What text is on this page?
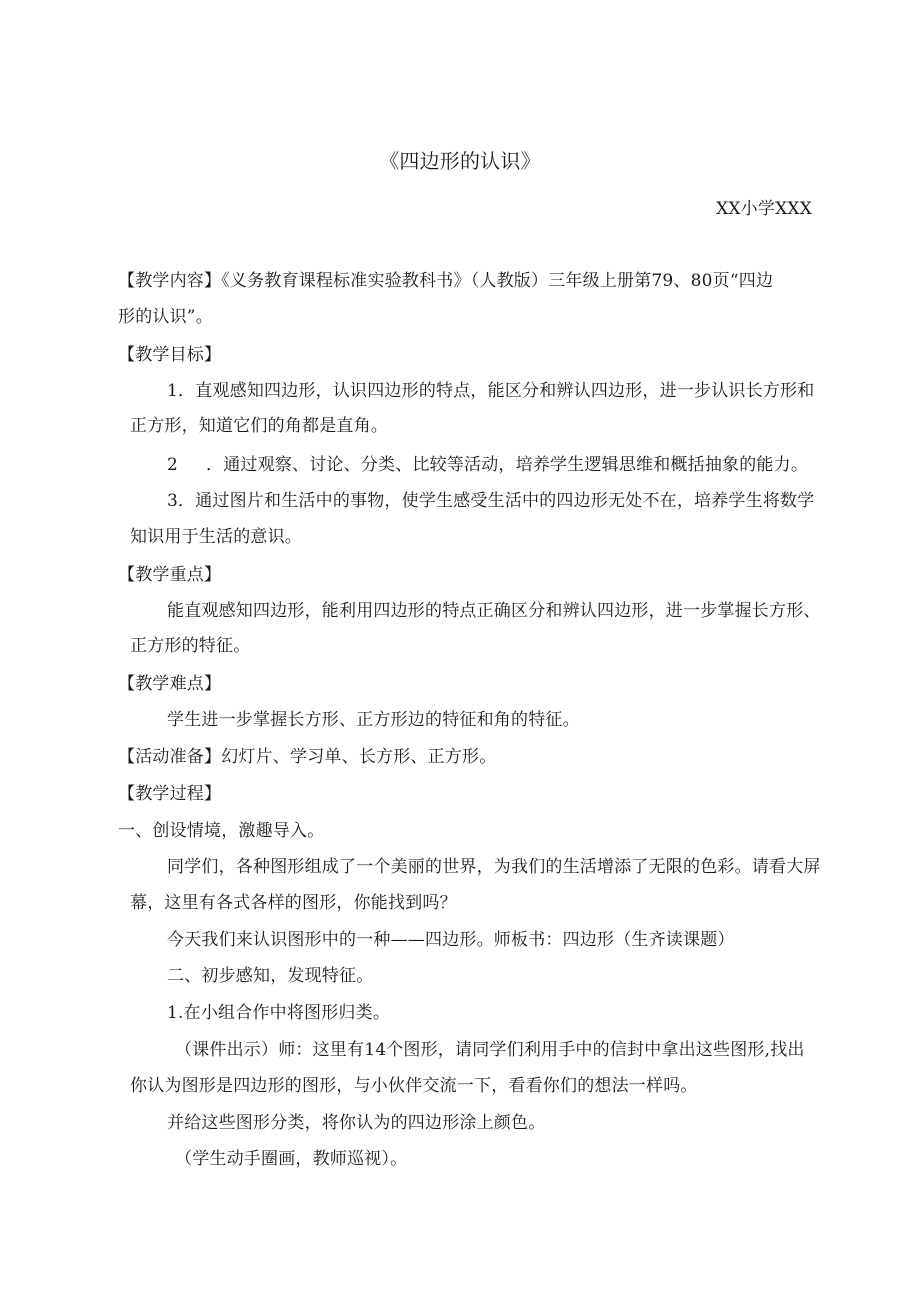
《四边形的认识》
XX小学XXX
【教学内容】《义务教育课程标准实验教科书》（人教版）三年级上册第79、80页“四边
形的认识”。
【教学目标】
1．直观感知四边形，认识四边形的特点，能区分和辨认四边形，进一步认识长方形和
正方形，知道它们的角都是直角。
2 ．通过观察、讨论、分类、比较等活动，培养学生逻辑思维和概括抽象的能力。
3．通过图片和生活中的事物，使学生感受生活中的四边形无处不在，培养学生将数学
知识用于生活的意识。
【教学重点】
能直观感知四边形，能利用四边形的特点正确区分和辨认四边形，进一步掌握长方形、
正方形的特征。
【教学难点】
学生进一步掌握长方形、正方形边的特征和角的特征。
【活动准备】幻灯片、学习单、长方形、正方形。
【教学过程】
一、创设情境，激趣导入。
同学们，各种图形组成了一个美丽的世界，为我们的生活增添了无限的色彩。请看大屏
幕，这里有各式各样的图形，你能找到吗？
今天我们来认识图形中的一种——四边形。师板书：四边形（生齐读课题）
二、初步感知，发现特征。
1.在小组合作中将图形归类。
（课件出示）师：这里有14个图形，请同学们利用手中的信封中拿出这些图形,找出
你认为图形是四边形的图形，与小伙伴交流一下，看看你们的想法一样吗。
并给这些图形分类，将你认为的四边形涂上颜色。
（学生动手圈画，教师巡视）。
